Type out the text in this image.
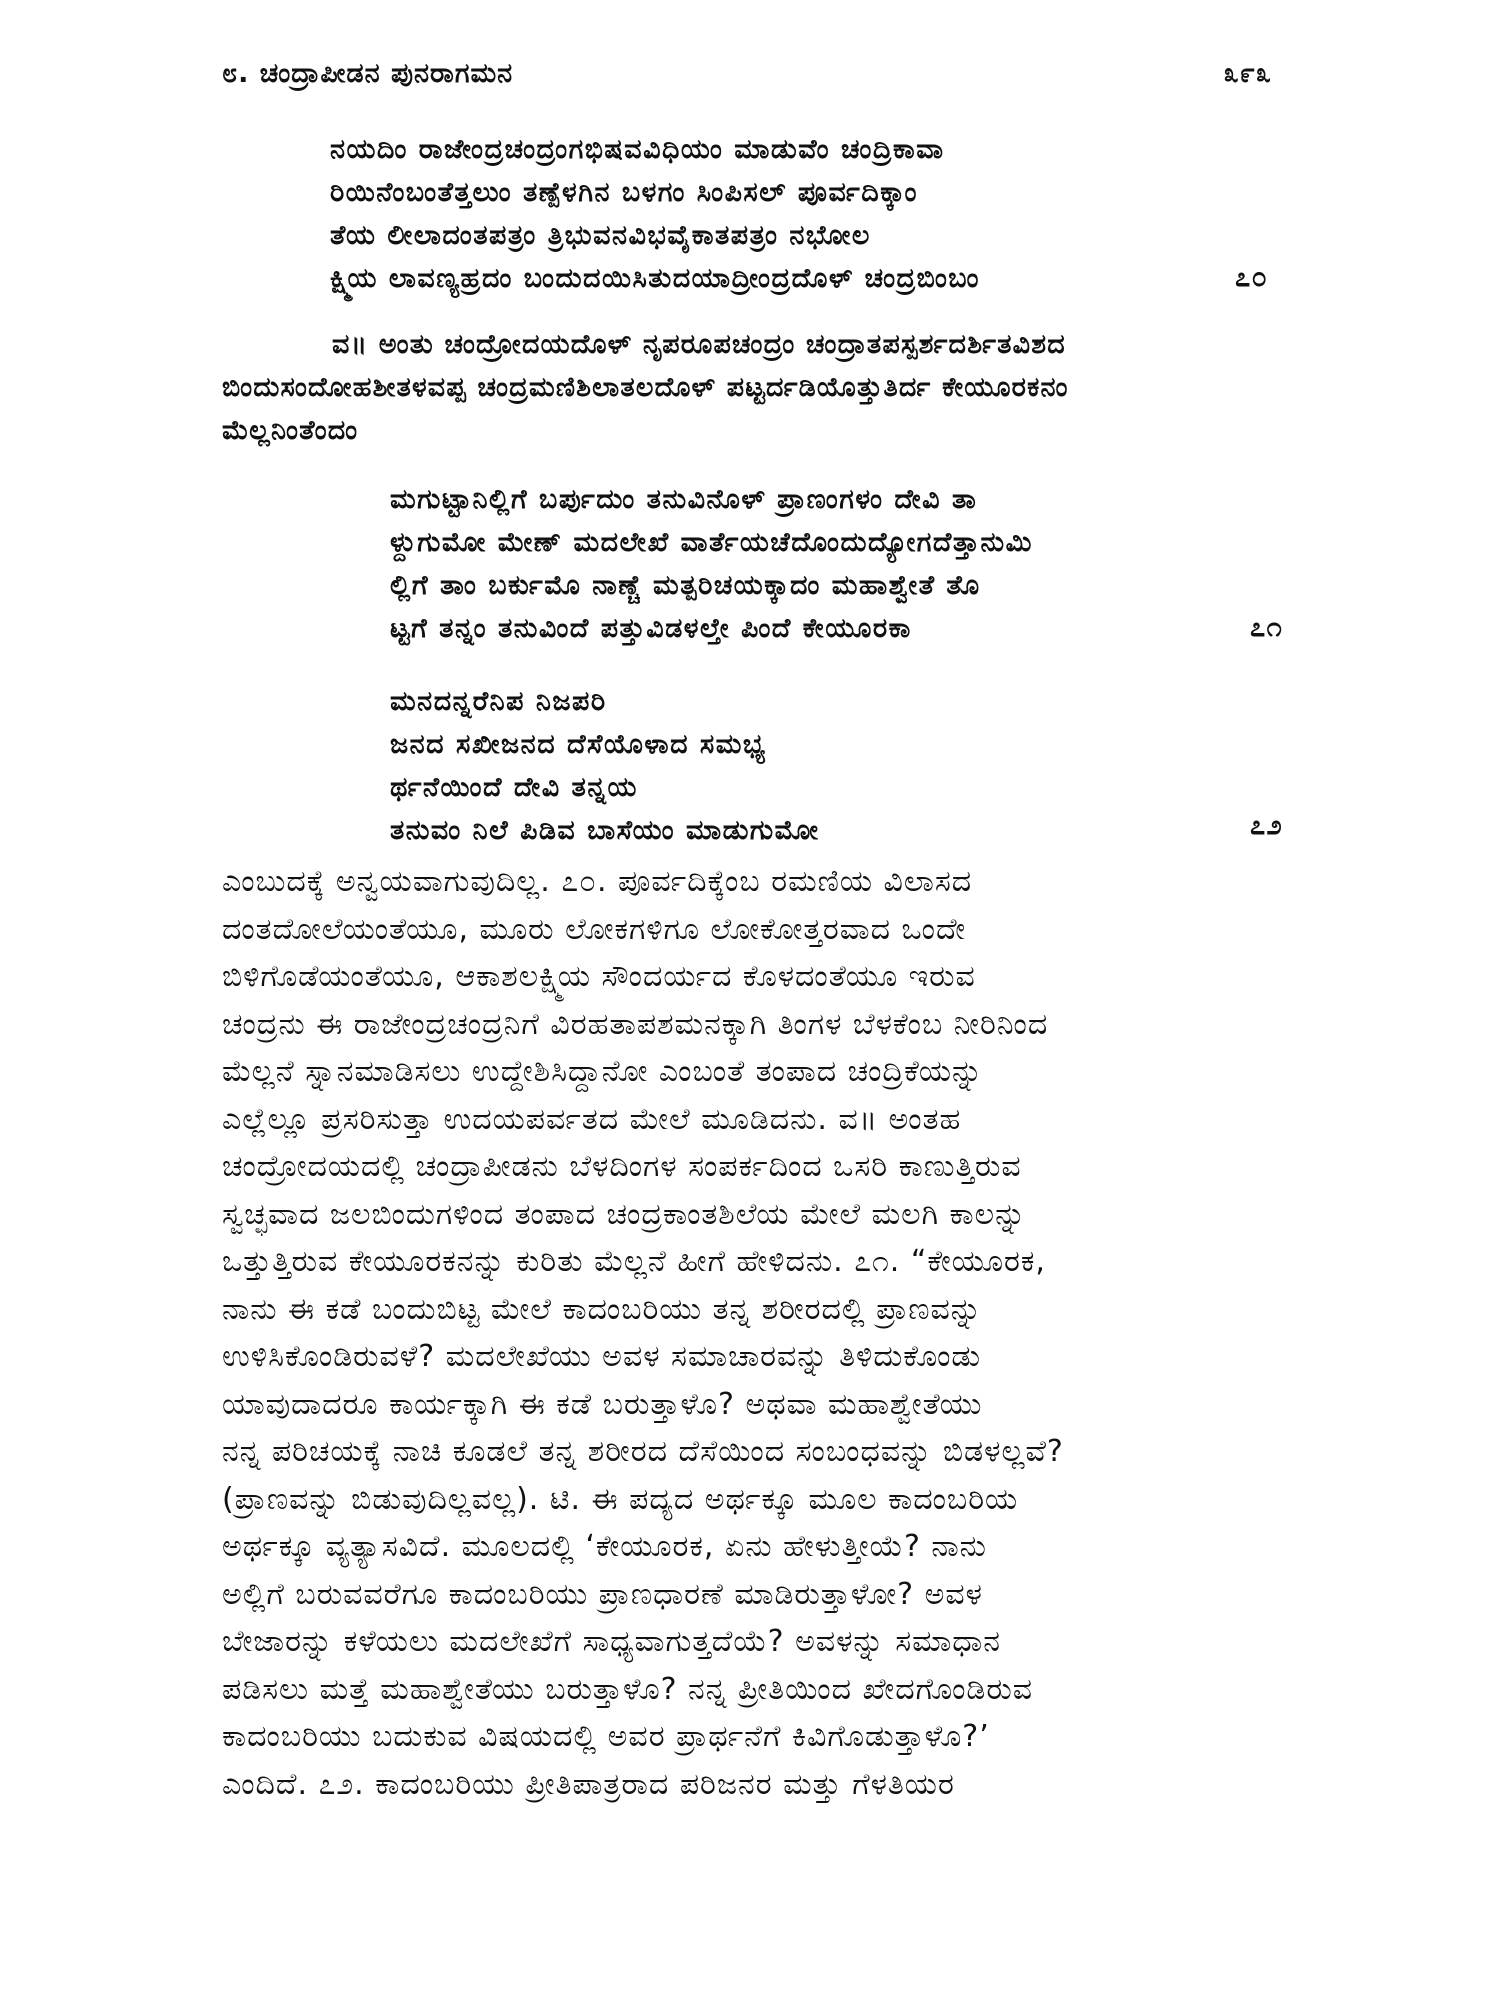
೮. ಚಂದ್ರಾಪೀಡನ ಪುನರಾಗಮನ	೩೯೩
ನಯದಿಂ ರಾಜೇಂದ್ರಚಂದ್ರಂಗಭಿಷವವಿಧಿಯಂ ಮಾಡುವೆಂ ಚಂದ್ರಿಕಾವಾ
ರಿಯಿನೆಂಬಂತೆತ್ತಲುಂ ತಣ್ಪೆಳಗಿನ ಬಳಗಂ ಸಿಂಪಿಸಲ್ ಪೂರ್ವದಿಕ್ಕಾಂ
ತೆಯ ಲೀಲಾದಂತಪತ್ರಂ ತ್ರಿಭುವನವಿಭವೈಕಾತಪತ್ರಂ ನಭೋಲ
ಕ್ಷ್ಮಿಯ ಲಾವಣ್ಯಹ್ರದಂ ಬಂದುದಯಿಸಿತುದಯಾದ್ರೀಂದ್ರದೊಳ್ ಚಂದ್ರಬಿಂಬಂ	೭೦
ವ॥ ಅಂತು ಚಂದ್ರೋದಯದೊಳ್ ನೃಪರೂಪಚಂದ್ರಂ ಚಂದ್ರಾತಪಸ್ಪರ್ಶದರ್ಶಿತವಿಶದ
ಬಿಂದುಸಂದೋಹಶೀತಳವಪ್ಪ ಚಂದ್ರಮಣಿಶಿಲಾತಲದೊಳ್ ಪಟ್ಟರ್ದಡಿಯೊತ್ತುತಿರ್ದ ಕೇಯೂರಕನಂ
ಮೆಲ್ಲನಿಂತೆಂದಂ
ಮಗುಟ್ಟಾನಿಲ್ಲಿಗೆ ಬರ್ಪುದುಂ ತನುವಿನೊಳ್ ಪ್ರಾಣಂಗಳಂ ದೇವಿ ತಾ
ಳ್ದುಗುಮೋ ಮೇಣ್ ಮದಲೇಖೆ ವಾರ್ತೆಯಚೆದೊಂದುದ್ಯೋಗದೆತ್ತಾನುಮಿ
ಲ್ಲಿಗೆ ತಾಂ ಬರ್ಕುಮೊ ನಾಣ್ಚೆ ಮತ್ಪರಿಚಯಕ್ಕಾದಂ ಮಹಾಶ್ವೇತೆ ತೊ
ಟ್ಟಗೆ ತನ್ನಂ ತನುವಿಂದೆ ಪತ್ತುವಿಡಳಲ್ತೇ ಪಿಂದೆ ಕೇಯೂರಕಾ	೭೧
ಮನದನ್ನರೆನಿಪ ನಿಜಪರಿ
ಜನದ ಸಖೀಜನದ ದೆಸೆಯೊಳಾದ ಸಮಭ್ಯ
ರ್ಥನೆಯಿಂದೆ ದೇವಿ ತನ್ನಯ
ತನುವಂ ನಿಲೆ ಪಿಡಿವ ಬಾಸೆಯಂ ಮಾಡುಗುಮೋ	೭೨
ಎಂಬುದಕ್ಕೆ ಅನ್ವಯವಾಗುವುದಿಲ್ಲ. ೭೦. ಪೂರ್ವದಿಕ್ಕೆಂಬ ರಮಣಿಯ ವಿಲಾಸದ
ದಂತದೋಲೆಯಂತೆಯೂ, ಮೂರು ಲೋಕಗಳಿಗೂ ಲೋಕೋತ್ತರವಾದ ಒಂದೇ
ಬಿಳಿಗೊಡೆಯಂತೆಯೂ, ಆಕಾಶಲಕ್ಷ್ಮಿಯ ಸೌಂದರ್ಯದ ಕೊಳದಂತೆಯೂ ಇರುವ
ಚಂದ್ರನು ಈ ರಾಜೇಂದ್ರಚಂದ್ರನಿಗೆ ವಿರಹತಾಪಶಮನಕ್ಕಾಗಿ ತಿಂಗಳ ಬೆಳಕೆಂಬ ನೀರಿನಿಂದ
ಮೆಲ್ಲನೆ ಸ್ನಾನಮಾಡಿಸಲು ಉದ್ದೇಶಿಸಿದ್ದಾನೋ ಎಂಬಂತೆ ತಂಪಾದ ಚಂದ್ರಿಕೆಯನ್ನು
ಎಲ್ಲೆಲ್ಲೂ ಪ್ರಸರಿಸುತ್ತಾ ಉದಯಪರ್ವತದ ಮೇಲೆ ಮೂಡಿದನು. ವ॥ ಅಂತಹ
ಚಂದ್ರೋದಯದಲ್ಲಿ ಚಂದ್ರಾಪೀಡನು ಬೆಳದಿಂಗಳ ಸಂಪರ್ಕದಿಂದ ಒಸರಿ ಕಾಣುತ್ತಿರುವ
ಸ್ವಚ್ಛವಾದ ಜಲಬಿಂದುಗಳಿಂದ ತಂಪಾದ ಚಂದ್ರಕಾಂತಶಿಲೆಯ ಮೇಲೆ ಮಲಗಿ ಕಾಲನ್ನು
ಒತ್ತುತ್ತಿರುವ ಕೇಯೂರಕನನ್ನು ಕುರಿತು ಮೆಲ್ಲನೆ ಹೀಗೆ ಹೇಳಿದನು. ೭೧. “ಕೇಯೂರಕ,
ನಾನು ಈ ಕಡೆ ಬಂದುಬಿಟ್ಟ ಮೇಲೆ ಕಾದಂಬರಿಯು ತನ್ನ ಶರೀರದಲ್ಲಿ ಪ್ರಾಣವನ್ನು
ಉಳಿಸಿಕೊಂಡಿರುವಳೆ? ಮದಲೇಖೆಯು ಅವಳ ಸಮಾಚಾರವನ್ನು ತಿಳಿದುಕೊಂಡು
ಯಾವುದಾದರೂ ಕಾರ್ಯಕ್ಕಾಗಿ ಈ ಕಡೆ ಬರುತ್ತಾಳೊ? ಅಥವಾ ಮಹಾಶ್ವೇತೆಯು
ನನ್ನ ಪರಿಚಯಕ್ಕೆ ನಾಚಿ ಕೂಡಲೆ ತನ್ನ ಶರೀರದ ದೆಸೆಯಿಂದ ಸಂಬಂಧವನ್ನು ಬಿಡಳಲ್ಲವೆ?
(ಪ್ರಾಣವನ್ನು ಬಿಡುವುದಿಲ್ಲವಲ್ಲ). ಟಿ. ಈ ಪದ್ಯದ ಅರ್ಥಕ್ಕೂ ಮೂಲ ಕಾದಂಬರಿಯ
ಅರ್ಥಕ್ಕೂ ವ್ಯತ್ಯಾಸವಿದೆ. ಮೂಲದಲ್ಲಿ ‘ಕೇಯೂರಕ, ಏನು ಹೇಳುತ್ತೀಯೆ? ನಾನು
ಅಲ್ಲಿಗೆ ಬರುವವರೆಗೂ ಕಾದಂಬರಿಯು ಪ್ರಾಣಧಾರಣೆ ಮಾಡಿರುತ್ತಾಳೋ? ಅವಳ
ಬೇಜಾರನ್ನು ಕಳೆಯಲು ಮದಲೇಖೆಗೆ ಸಾಧ್ಯವಾಗುತ್ತದೆಯೆ? ಅವಳನ್ನು ಸಮಾಧಾನ
ಪಡಿಸಲು ಮತ್ತೆ ಮಹಾಶ್ವೇತೆಯು ಬರುತ್ತಾಳೊ? ನನ್ನ ಪ್ರೀತಿಯಿಂದ ಖೇದಗೊಂಡಿರುವ
ಕಾದಂಬರಿಯು ಬದುಕುವ ವಿಷಯದಲ್ಲಿ ಅವರ ಪ್ರಾರ್ಥನೆಗೆ ಕಿವಿಗೊಡುತ್ತಾಳೊ?’
ಎಂದಿದೆ. ೭೨. ಕಾದಂಬರಿಯು ಪ್ರೀತಿಪಾತ್ರರಾದ ಪರಿಜನರ ಮತ್ತು ಗೆಳತಿಯರ
